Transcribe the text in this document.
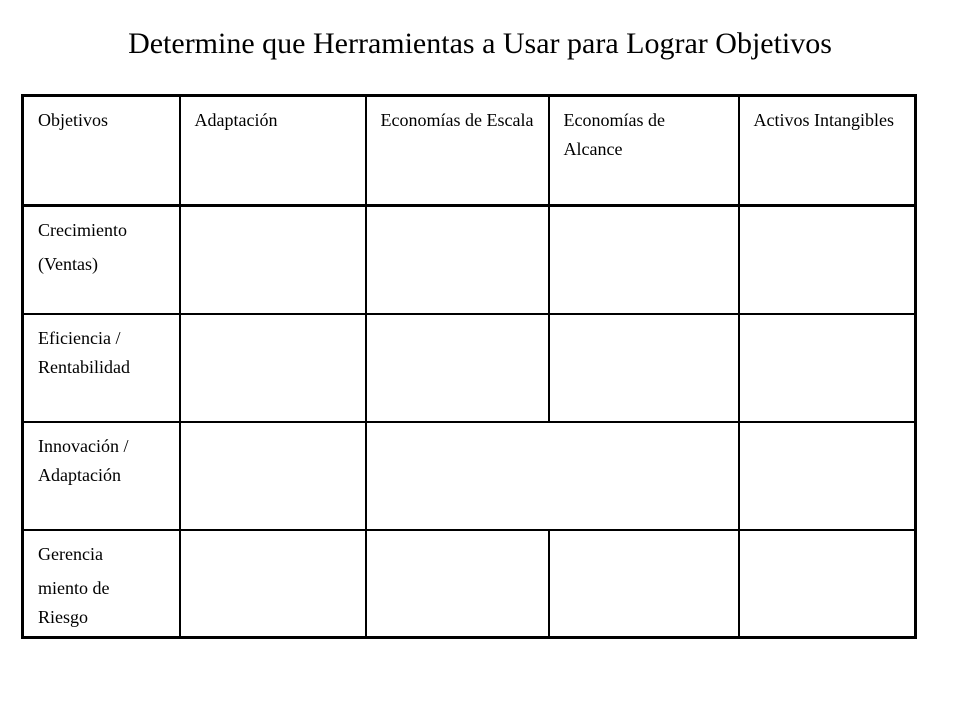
Determine que Herramientas a Usar para Lograr Objetivos
Objetivos	Adaptación	Economías de Escala	Economías de Alcance	Activos Intangibles

Crecimiento
(Ventas)				

Eficiencia /
Rentabilidad				

Innovación /
Adaptación				

Gerencia
miento de
Riesgo				
